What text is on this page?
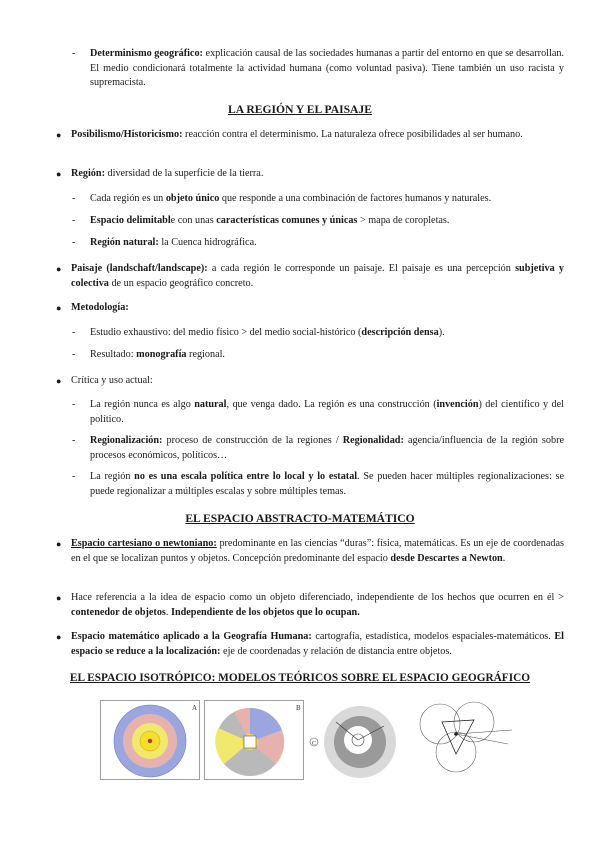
- Determinismo geográfico: explicación causal de las sociedades humanas a partir del entorno en que se desarrollan. El medio condicionará totalmente la actividad humana (como voluntad pasiva). Tiene también un uso racista y supremacista.
LA REGIÓN Y EL PAISAJE
● Posibilismo/Historicismo: reacción contra el determinismo. La naturaleza ofrece posibilidades al ser humano.
● Región: diversidad de la superficie de la tierra.
- Cada región es un objeto único que responde a una combinación de factores humanos y naturales.
- Espacio delimitable con unas características comunes y únicas > mapa de coropletas.
- Región natural: la Cuenca hidrográfica.
● Paisaje (landschaft/landscape): a cada región le corresponde un paisaje. El paisaje es una percepción subjetiva y colectiva de un espacio geográfico concreto.
● Metodología:
- Estudio exhaustivo: del medio físico > del medio social-histórico (descripción densa).
- Resultado: monografía regional.
● Crítica y uso actual:
- La región nunca es algo natural, que venga dado. La región es una construcción (invención) del científico y del político.
- Regionalización: proceso de construcción de la regiones / Regionalidad: agencia/influencia de la región sobre procesos económicos, políticos…
- La región no es una escala política entre lo local y lo estatal. Se pueden hacer múltiples regionalizaciones: se puede regionalizar a múltiples escalas y sobre múltiples temas.
EL ESPACIO ABSTRACTO-MATEMÁTICO
● Espacio cartesiano o newtoniano: predominante en las ciencias “duras”: física, matemáticas. Es un eje de coordenadas en el que se localizan puntos y objetos. Concepción predominante del espacio desde Descartes a Newton.
● Hace referencia a la idea de espacio como un objeto diferenciado, independiente de los hechos que ocurren en él > contenedor de objetos. Independiente de los objetos que lo ocupan.
● Espacio matemático aplicado a la Geografía Humana: cartografía, estadística, modelos espaciales-matemáticos. El espacio se reduce a la localización: eje de coordenadas y relación de distancia entre objetos.
EL ESPACIO ISOTRÓPICO: MODELOS TEÓRICOS SOBRE EL ESPACIO GEOGRÁFICO
A	B
C
